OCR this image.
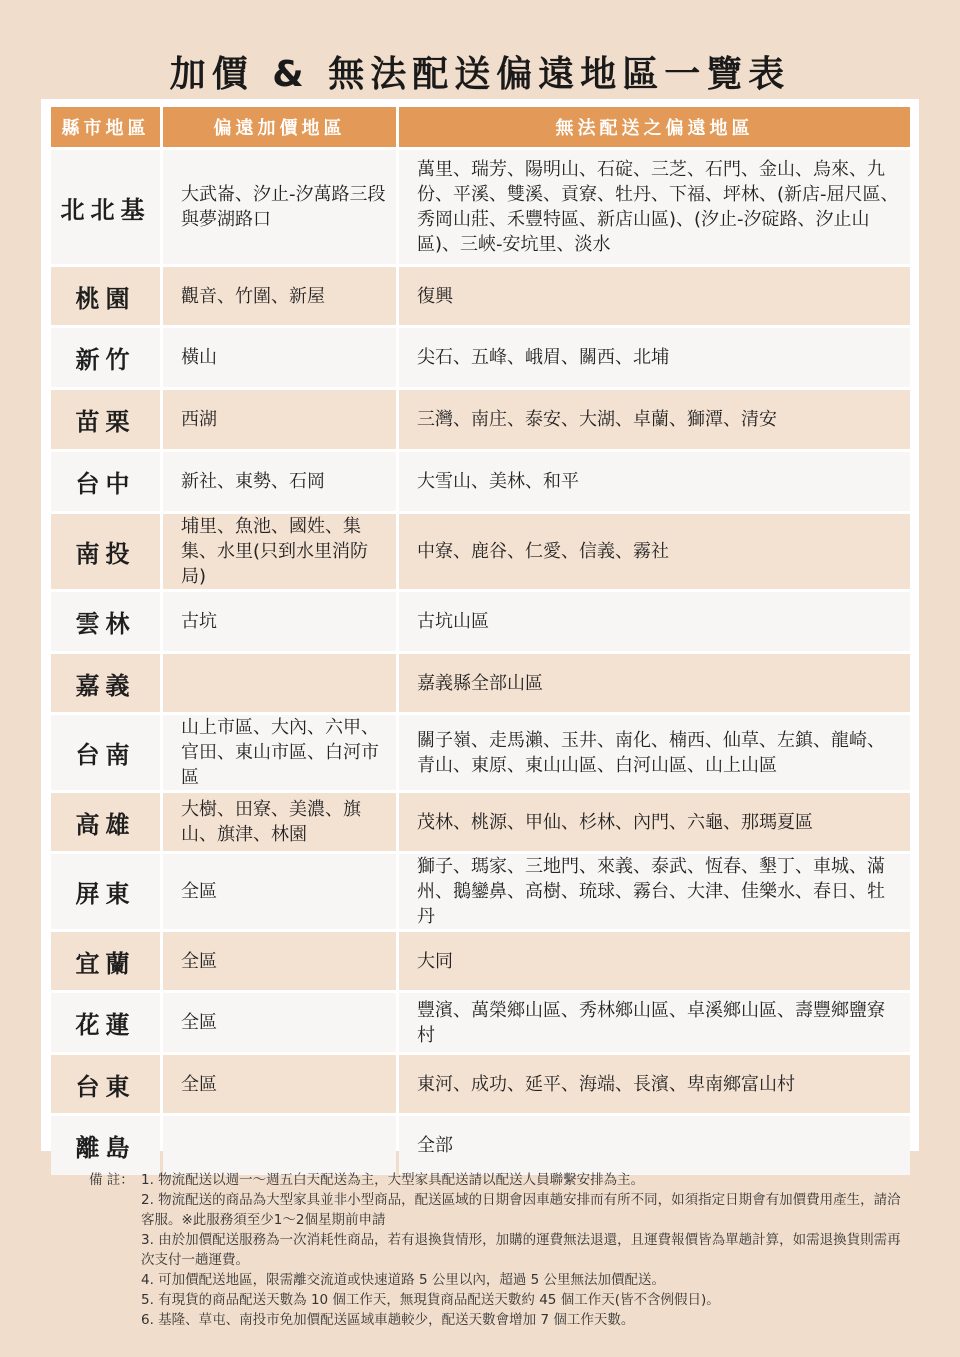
加價 & 無法配送偏遠地區一覽表
縣市地區	偏遠加價地區	無法配送之偏遠地區
北北基	大武崙、汐止-汐萬路三段與夢湖路口	萬里、瑞芳、陽明山、石碇、三芝、石門、金山、烏來、九份、平溪、雙溪、貢寮、牡丹、下福、坪林、(新店-屈尺區、秀岡山莊、禾豐特區、新店山區)、(汐止-汐碇路、汐止山區)、三峽-安坑里、淡水
桃園	觀音、竹圍、新屋	復興
新竹	橫山	尖石、五峰、峨眉、關西、北埔
苗栗	西湖	三灣、南庄、泰安、大湖、卓蘭、獅潭、清安
台中	新社、東勢、石岡	大雪山、美林、和平
南投	埔里、魚池、國姓、集集、水里(只到水里消防局)	中寮、鹿谷、仁愛、信義、霧社
雲林	古坑	古坑山區
嘉義		嘉義縣全部山區
台南	山上市區、大內、六甲、官田、東山市區、白河市區	關子嶺、走馬瀨、玉井、南化、楠西、仙草、左鎮、龍崎、青山、東原、東山山區、白河山區、山上山區
高雄	大樹、田寮、美濃、旗山、旗津、林園	茂林、桃源、甲仙、杉林、內門、六龜、那瑪夏區
屏東	全區	獅子、瑪家、三地門、來義、泰武、恆春、墾丁、車城、滿州、鵝鑾鼻、高樹、琉球、霧台、大津、佳樂水、春日、牡丹
宜蘭	全區	大同
花蓮	全區	豐濱、萬榮鄉山區、秀林鄉山區、卓溪鄉山區、壽豐鄉鹽寮村
台東	全區	東河、成功、延平、海端、長濱、卑南鄉富山村
離島		全部
備 註： 1. 物流配送以週一～週五白天配送為主，大型家具配送請以配送人員聯繫安排為主。
2. 物流配送的商品為大型家具並非小型商品，配送區域的日期會因車趟安排而有所不同，如須指定日期會有加價費用產生，請洽客服。※此服務須至少1～2個星期前申請
3. 由於加價配送服務為一次消耗性商品，若有退換貨情形，加購的運費無法退還，且運費報價皆為單趟計算，如需退換貨則需再次支付一趟運費。
4. 可加價配送地區，限需離交流道或快速道路 5 公里以內，超過 5 公里無法加價配送。
5. 有現貨的商品配送天數為 10 個工作天，無現貨商品配送天數約 45 個工作天(皆不含例假日)。
6. 基隆、草屯、南投市免加價配送區域車趟較少，配送天數會增加 7 個工作天數。
